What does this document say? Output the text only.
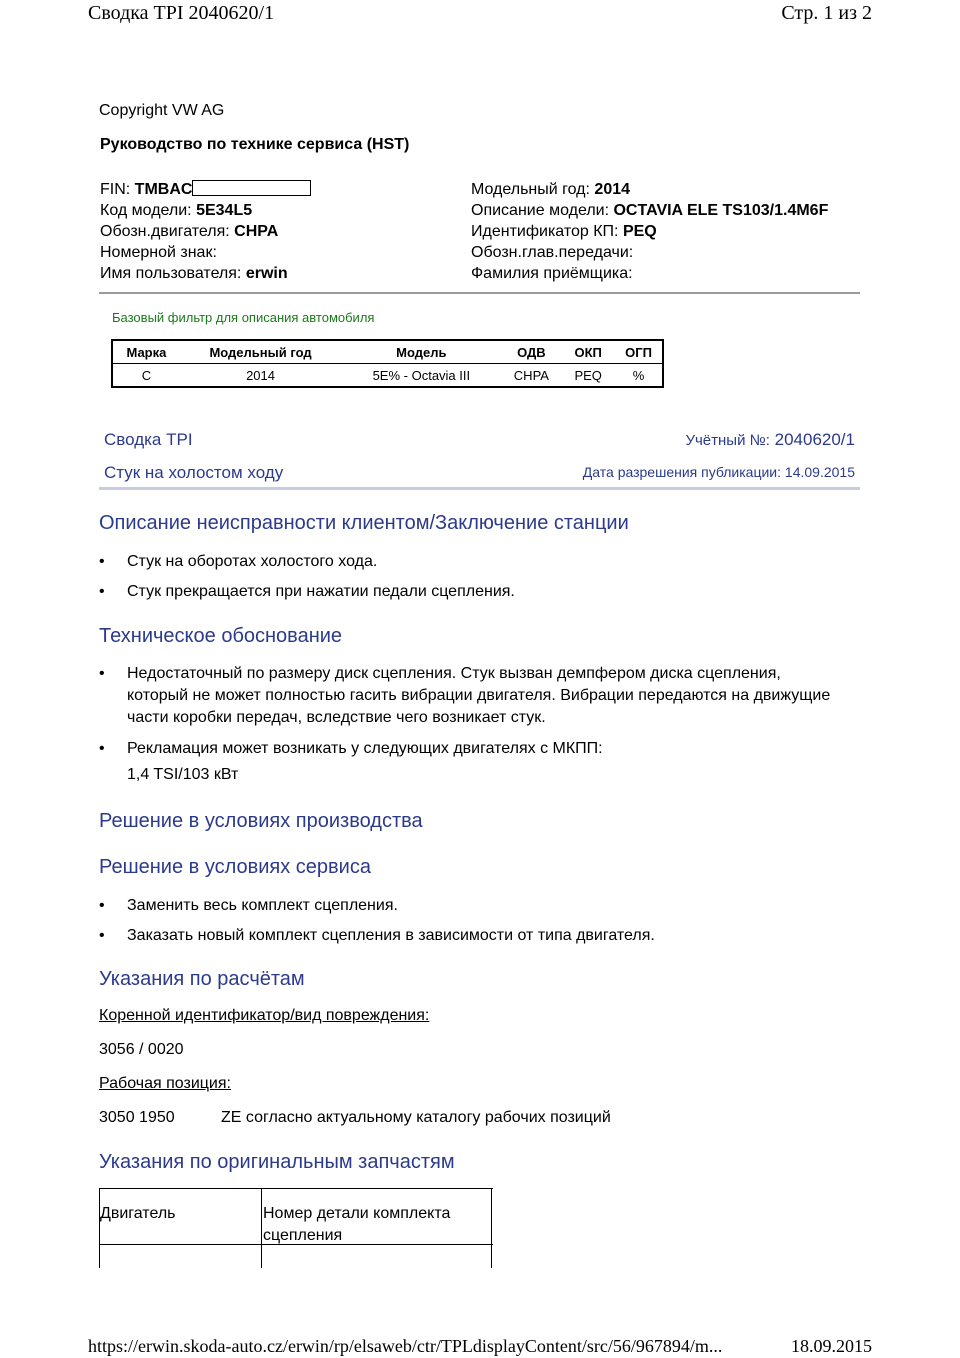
Сводка TPI 2040620/1	Стр. 1 из 2
Copyright VW AG
Руководство по технике сервиса (HST)
FIN: TMBAC
Код модели: 5E34L5
Обозн.двигателя: CHPA
Номерной знак:
Имя пользователя: erwin
Модельный год: 2014
Описание модели: OCTAVIA ELE TS103/1.4M6F
Идентификатор КП: PEQ
Обозн.глав.передачи:
Фамилия приёмщика:
Базовый фильтр для описания автомобиля
Марка	Модельный год	Модель	ОДВ	ОКП	ОГП
C	2014	5E% - Octavia III	CHPA	PEQ	%
Сводка TPI	Учётный №: 2040620/1
Стук на холостом ходу	Дата разрешения публикации: 14.09.2015
Описание неисправности клиентом/Заключение станции
• Стук на оборотах холостого хода.
• Стук прекращается при нажатии педали сцепления.
Техническое обоснование
• Недостаточный по размеру диск сцепления. Стук вызван демпфером диска сцепления, который не может полностью гасить вибрации двигателя. Вибрации передаются на движущие части коробки передач, вследствие чего возникает стук.
• Рекламация может возникать у следующих двигателях с МКПП:
1,4 TSI/103 кВт
Решение в условиях производства
Решение в условиях сервиса
• Заменить весь комплект сцепления.
• Заказать новый комплект сцепления в зависимости от типа двигателя.
Указания по расчётам
Коренной идентификатор/вид повреждения:
3056 / 0020
Рабочая позиция:
3050 1950	ZE согласно актуальному каталогу рабочих позиций
Указания по оригинальным запчастям
Двигатель	Номер детали комплекта сцепления
https://erwin.skoda-auto.cz/erwin/rp/elsaweb/ctr/TPLdisplayContent/src/56/967894/m...	18.09.2015
